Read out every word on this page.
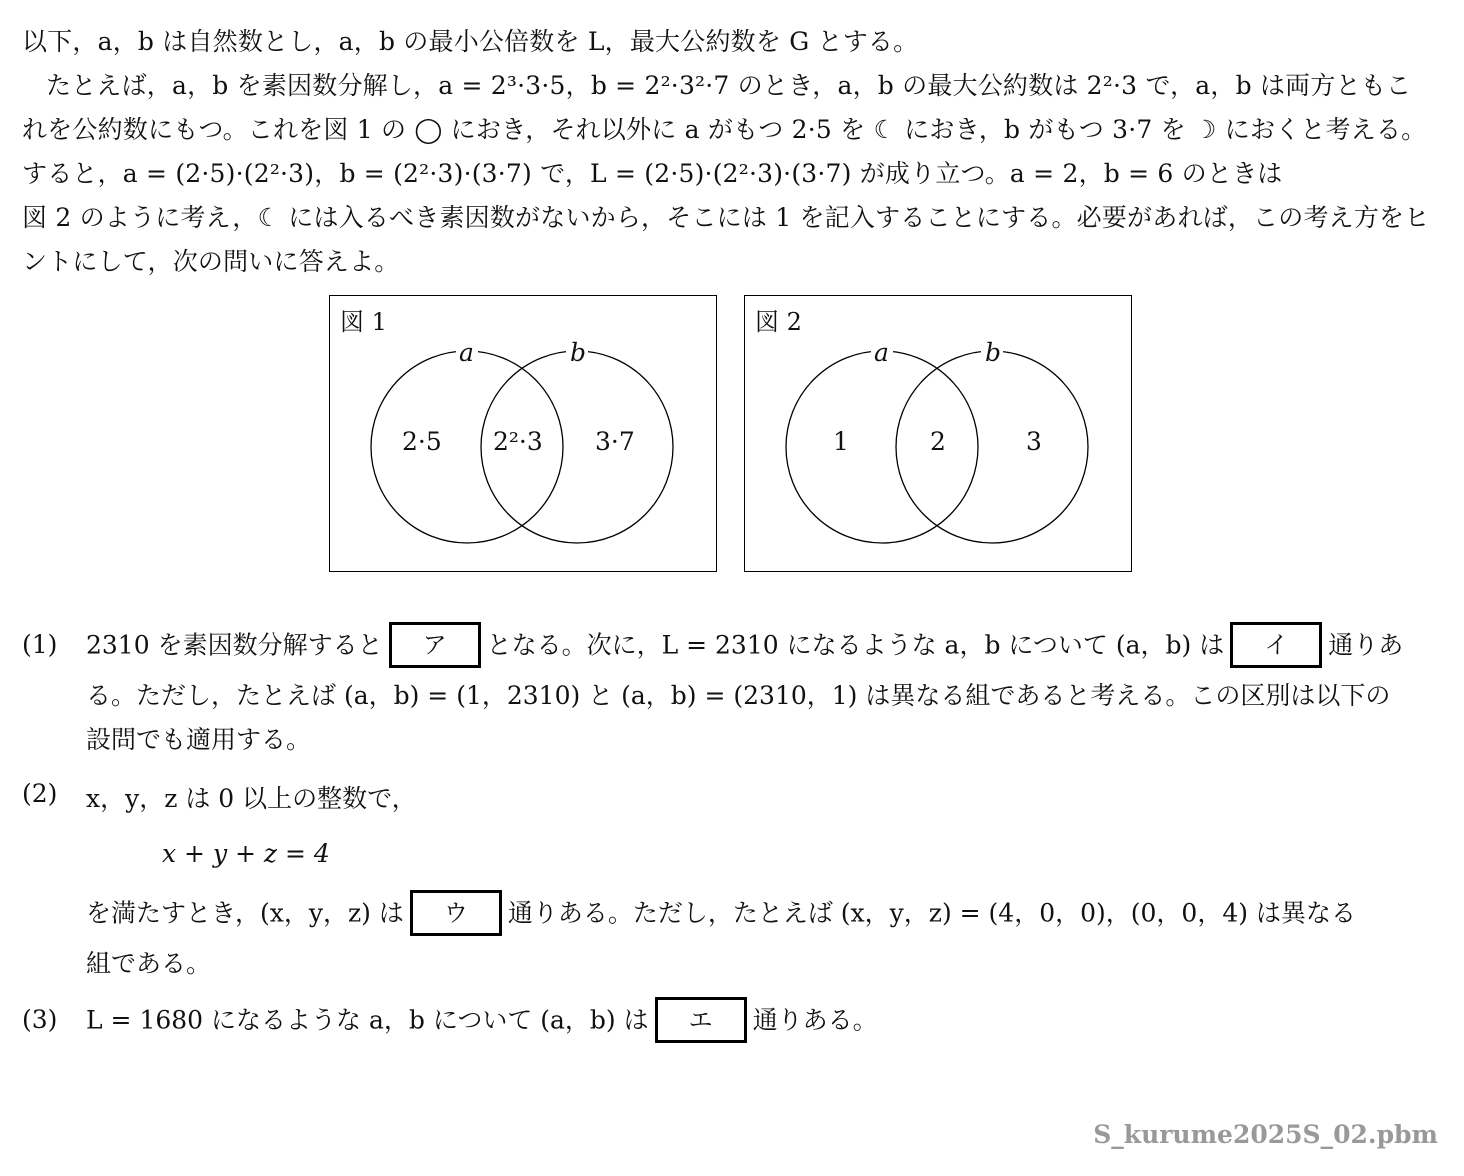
以下，a，b は自然数とし，a，b の最小公倍数を L，最大公約数を G とする。
たとえば，a，b を素因数分解し，a = 2³·3·5，b = 2²·3²·7 のとき，a，b の最大公約数は 2²·3 で，a，b は両方ともこ
れを公約数にもつ。これを図 1 の ◯ におき，それ以外に a がもつ 2·5 を ☾ におき，b がもつ 3·7 を ☽ におくと考える。
すると，a = (2·5)·(2²·3)，b = (2²·3)·(3·7) で，L = (2·5)·(2²·3)·(3·7) が成り立つ。a = 2，b = 6 のときは
図 2 のように考え，☾ には入るべき素因数がないから，そこには 1 を記入することにする。必要があれば，この考え方をヒ
ントにして，次の問いに答えよ。
図 1
a	b
2·5 2²·3 3·7
図 2
a	b
1	2	3
(1) 2310 を素因数分解すると ア となる。次に，L = 2310 になるような a，b について (a，b) は イ 通りあ
る。ただし，たとえば (a，b) = (1，2310) と (a，b) = (2310，1) は異なる組であると考える。この区別は以下の
設問でも適用する。
(2) x，y，z は 0 以上の整数で，
x + y + z = 4
を満たすとき，(x，y，z) は ウ 通りある。ただし，たとえば (x，y，z) = (4，0，0)，(0，0，4) は異なる
組である。
(3) L = 1680 になるような a，b について (a，b) は エ 通りある。
S_kurume2025S_02.pbm
